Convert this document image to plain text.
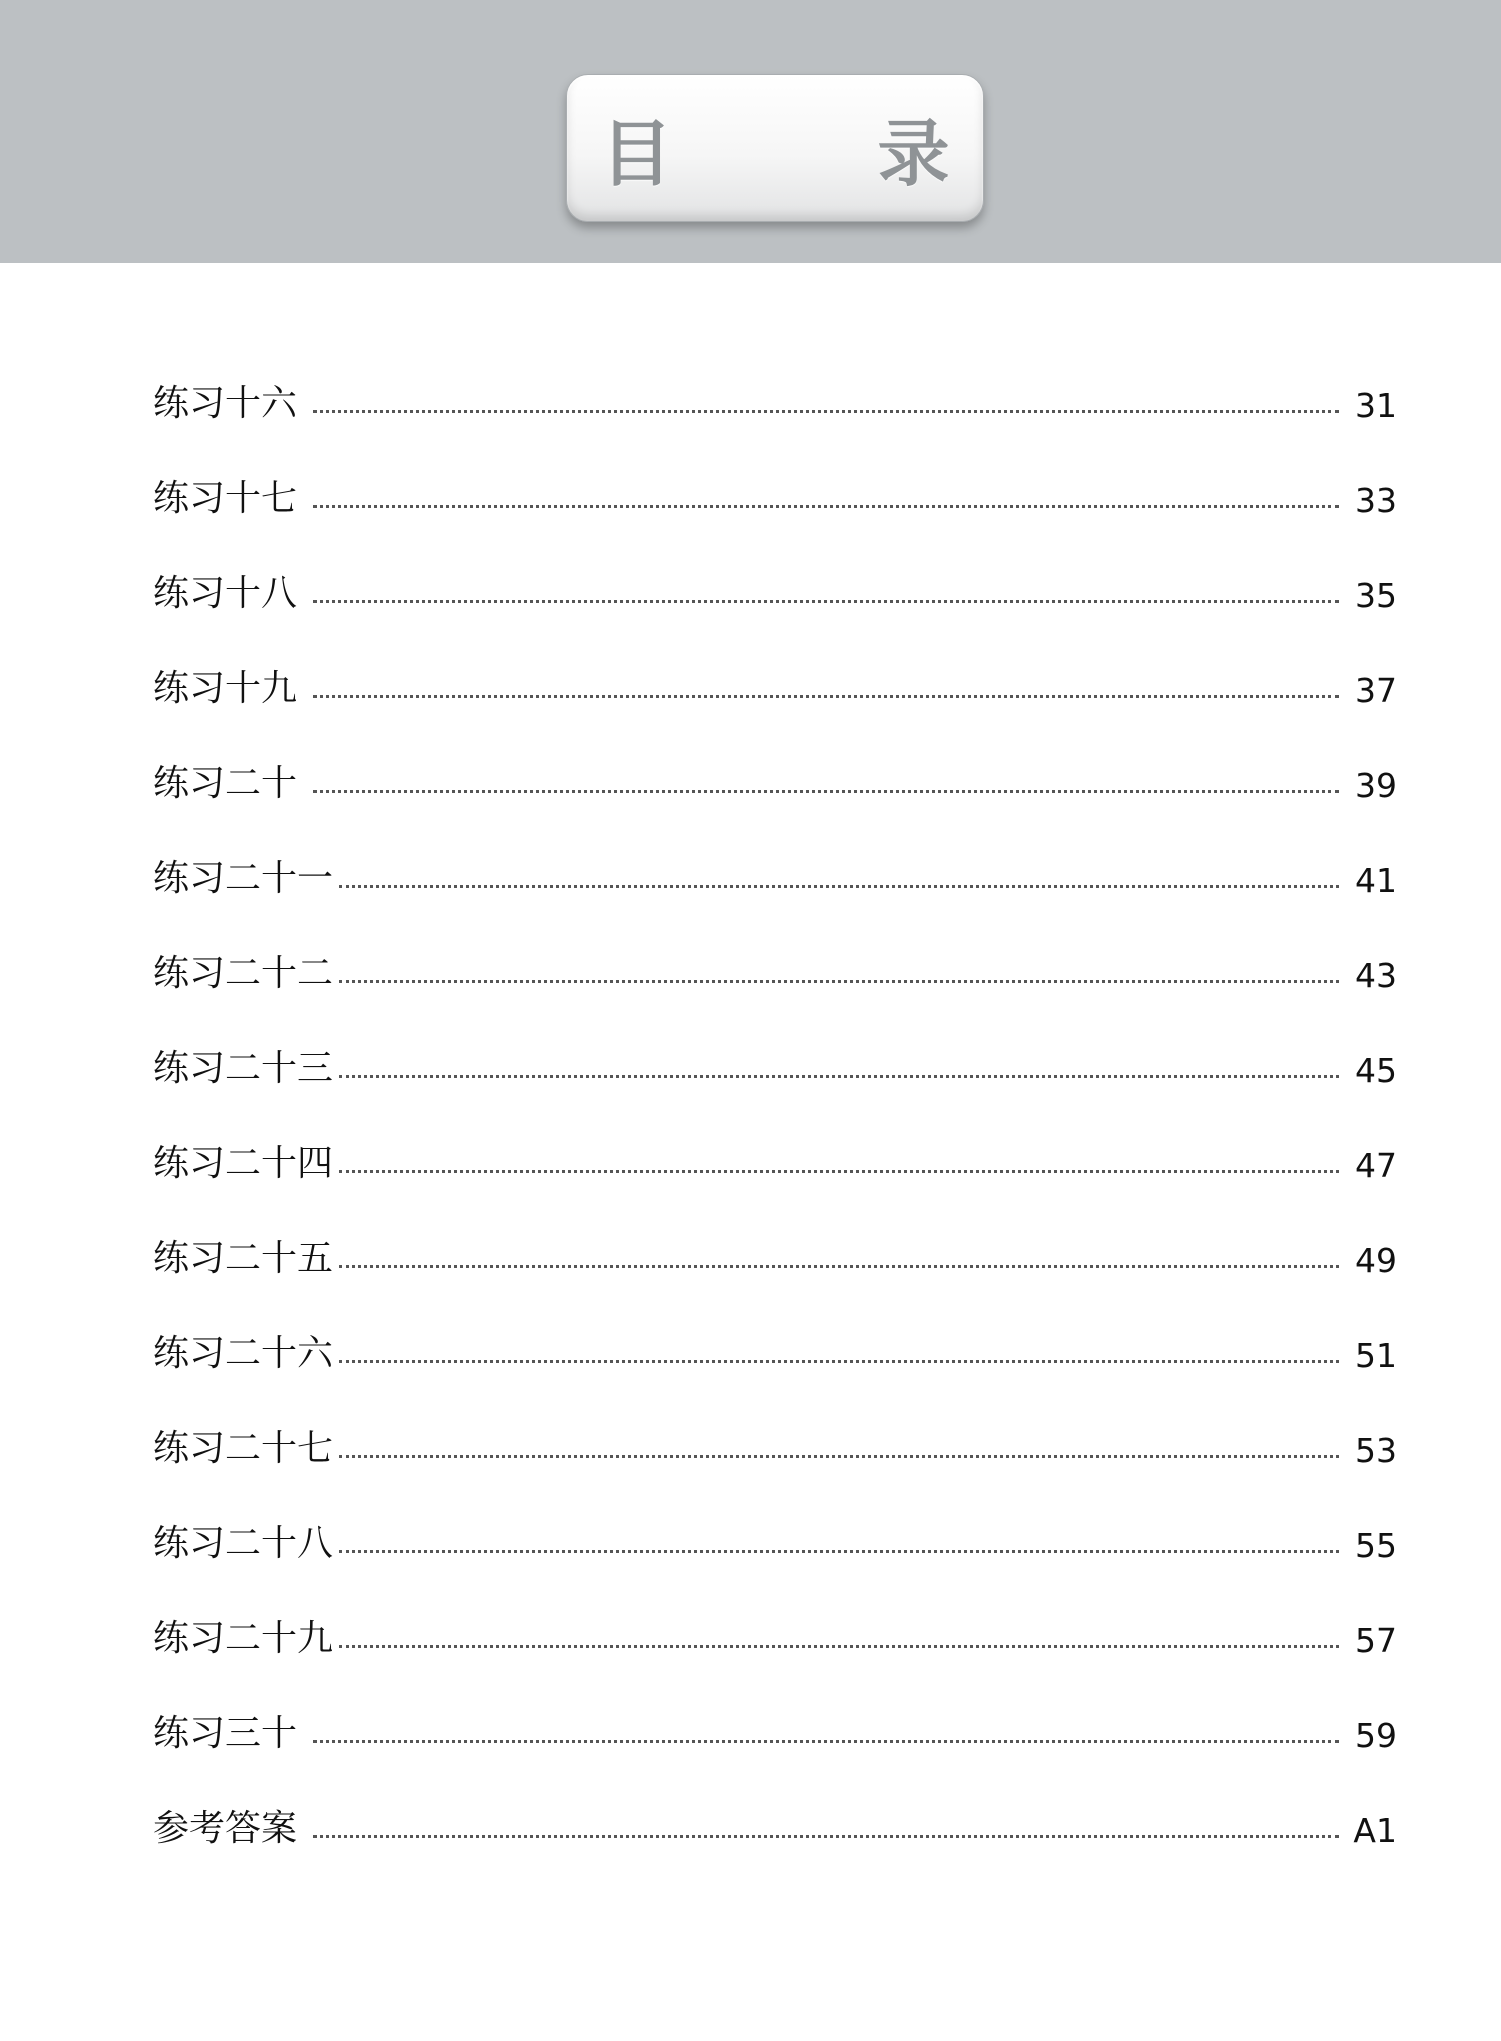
目 录
练习十六	31
练习十七	33
练习十八	35
练习十九	37
练习二十	39
练习二十一	41
练习二十二	43
练习二十三	45
练习二十四	47
练习二十五	49
练习二十六	51
练习二十七	53
练习二十八	55
练习二十九	57
练习三十	59
参考答案	A1
